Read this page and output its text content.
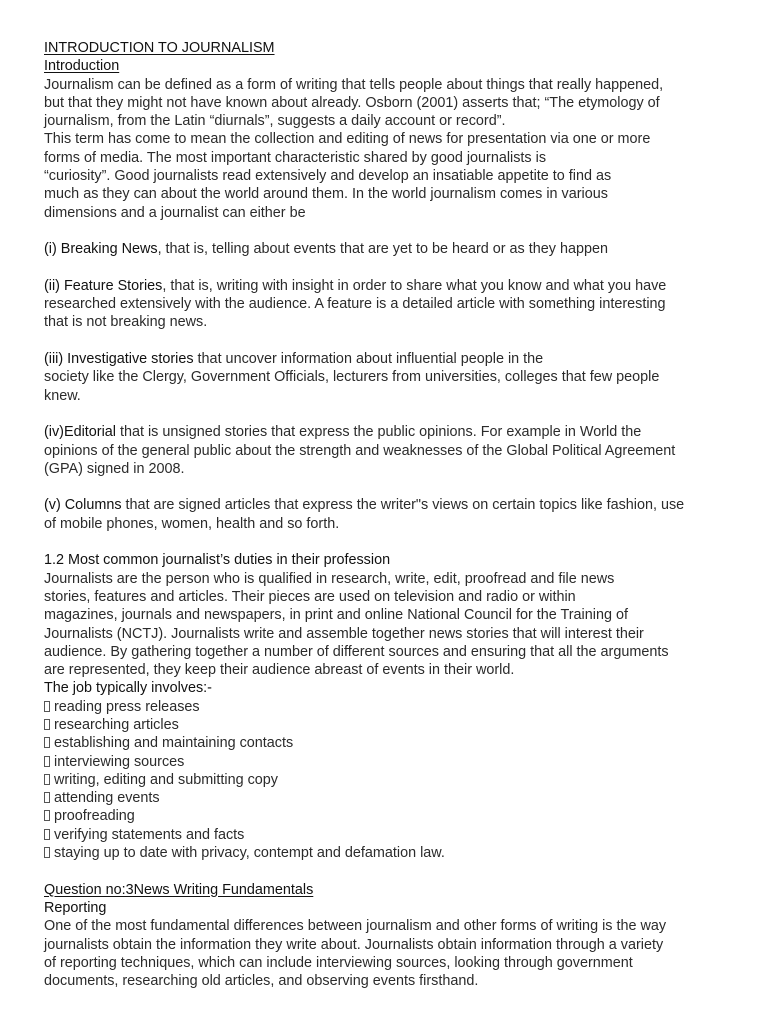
INTRODUCTION TO JOURNALISM
Introduction
Journalism can be defined as a form of writing that tells people about things that really happened,
but that they might not have known about already. Osborn (2001) asserts that; “The etymology of
journalism, from the Latin “diurnals”, suggests a daily account or record”.
This term has come to mean the collection and editing of news for presentation via one or more
forms of media. The most important characteristic shared by good journalists is
“curiosity”. Good journalists read extensively and develop an insatiable appetite to find as
much as they can about the world around them. In the world journalism comes in various
dimensions and a journalist can either be
(i) Breaking News, that is, telling about events that are yet to be heard or as they happen
(ii) Feature Stories, that is, writing with insight in order to share what you know and what you have
researched extensively with the audience. A feature is a detailed article with something interesting
that is not breaking news.
(iii) Investigative stories that uncover information about influential people in the
society like the Clergy, Government Officials, lecturers from universities, colleges that few people
knew.
(iv)Editorial that is unsigned stories that express the public opinions. For example in World the
opinions of the general public about the strength and weaknesses of the Global Political Agreement
(GPA) signed in 2008.
(v) Columns that are signed articles that express the writer"s views on certain topics like fashion, use
of mobile phones, women, health and so forth.
1.2 Most common journalist’s duties in their profession
Journalists are the person who is qualified in research, write, edit, proofread and file news
stories, features and articles. Their pieces are used on television and radio or within
magazines, journals and newspapers, in print and online National Council for the Training of
Journalists (NCTJ). Journalists write and assemble together news stories that will interest their
audience. By gathering together a number of different sources and ensuring that all the arguments
are represented, they keep their audience abreast of events in their world.
The job typically involves:-
reading press releases
researching articles
establishing and maintaining contacts
interviewing sources
writing, editing and submitting copy
attending events
proofreading
verifying statements and facts
staying up to date with privacy, contempt and defamation law.
Question no:3News Writing Fundamentals
Reporting
One of the most fundamental differences between journalism and other forms of writing is the way
journalists obtain the information they write about. Journalists obtain information through a variety
of reporting techniques, which can include interviewing sources, looking through government
documents, researching old articles, and observing events firsthand.
